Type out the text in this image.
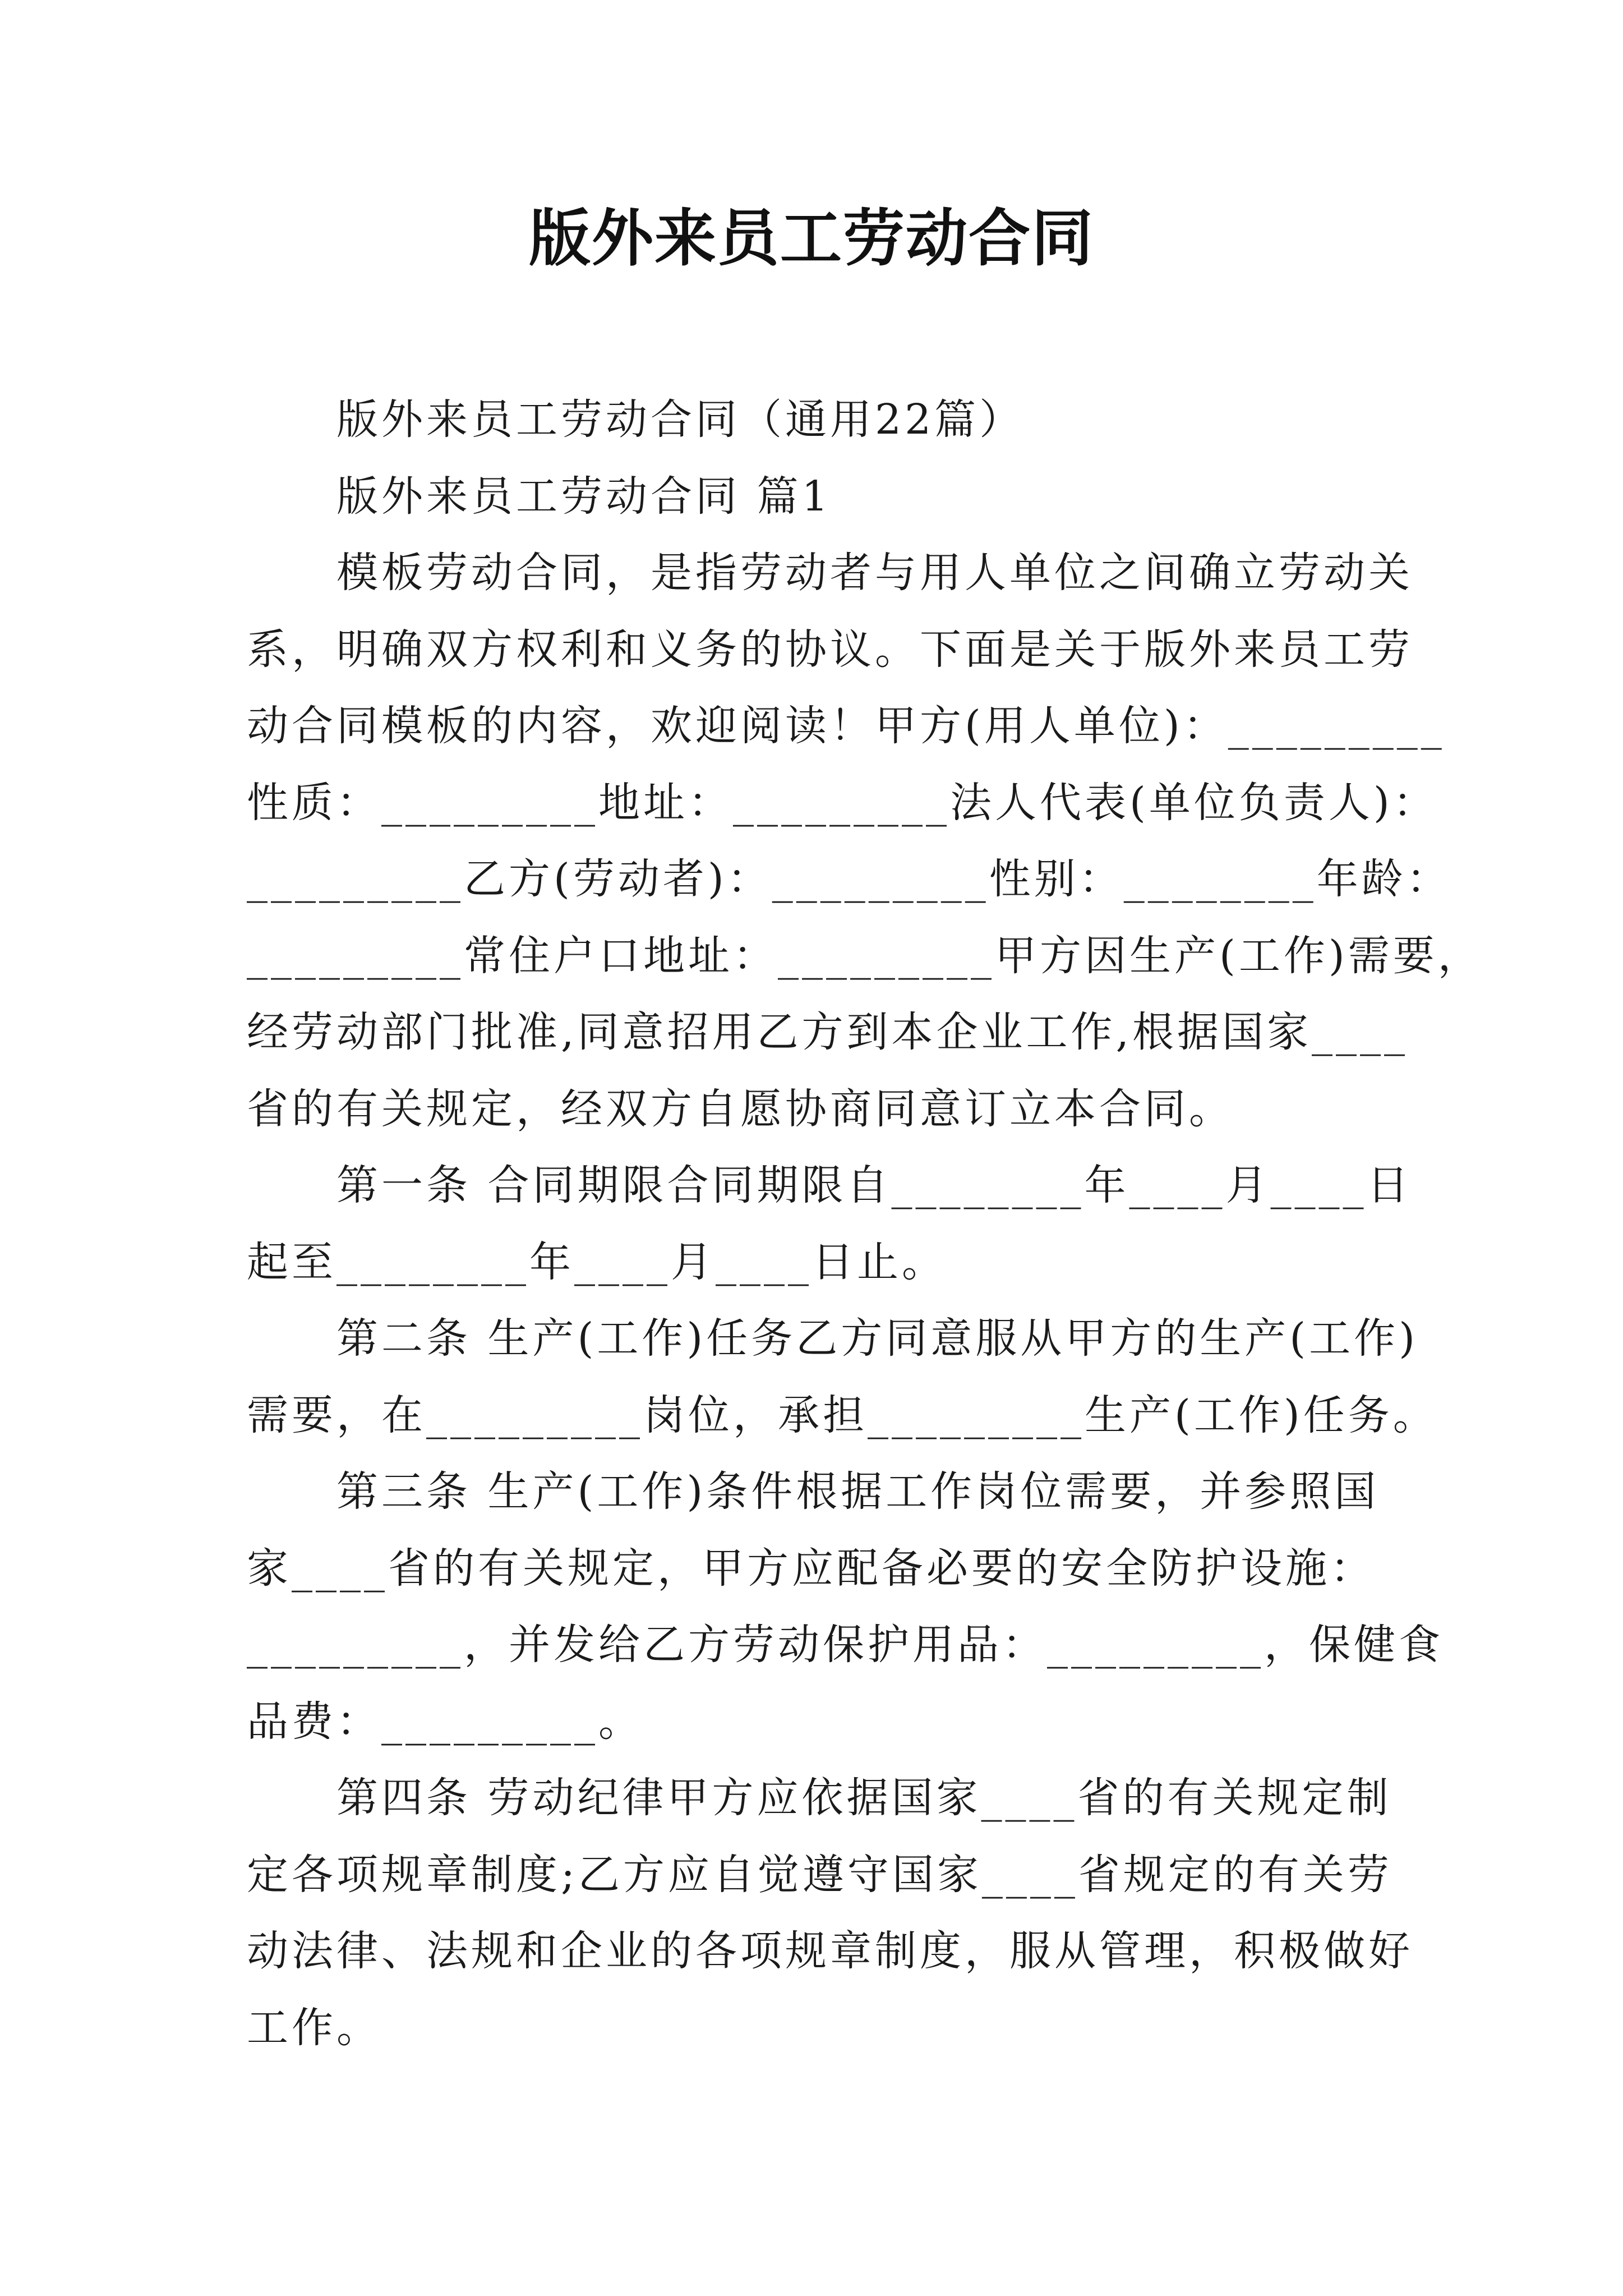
版外来员工劳动合同
版外来员工劳动合同（通用22篇）
版外来员工劳动合同 篇1
模板劳动合同，是指劳动者与用人单位之间确立劳动关
系，明确双方权利和义务的协议。下面是关于版外来员工劳
动合同模板的内容，欢迎阅读！甲方(用人单位)：_________
性质：_________地址：_________法人代表(单位负责人)：
_________乙方(劳动者)：_________性别：________年龄：
_________常住户口地址：_________甲方因生产(工作)需要，
经劳动部门批准,同意招用乙方到本企业工作,根据国家____
省的有关规定，经双方自愿协商同意订立本合同。
第一条 合同期限合同期限自________年____月____日
起至________年____月____日止。
第二条 生产(工作)任务乙方同意服从甲方的生产(工作)
需要，在_________岗位，承担_________生产(工作)任务。
第三条 生产(工作)条件根据工作岗位需要，并参照国
家____省的有关规定，甲方应配备必要的安全防护设施：
_________，并发给乙方劳动保护用品：_________，保健食
品费：_________。
第四条 劳动纪律甲方应依据国家____省的有关规定制
定各项规章制度;乙方应自觉遵守国家____省规定的有关劳
动法律、法规和企业的各项规章制度，服从管理，积极做好
工作。
